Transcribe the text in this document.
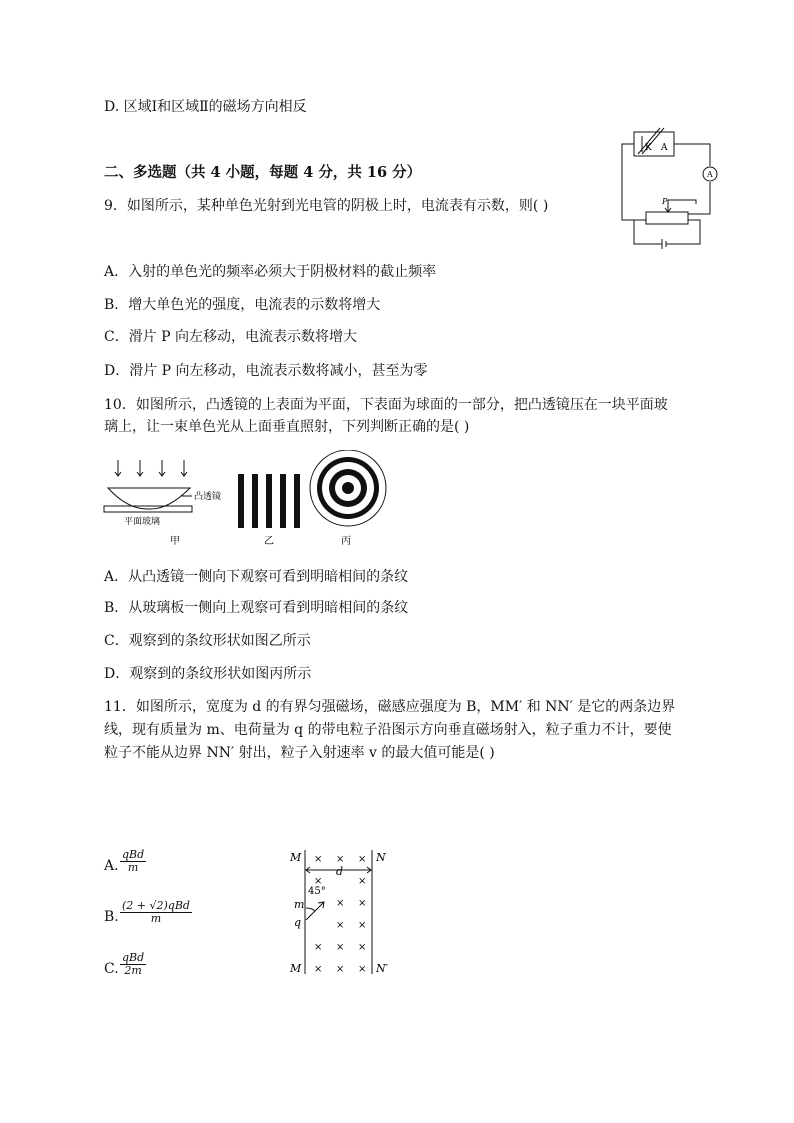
D. 区域Ⅰ和区域Ⅱ的磁场方向相反
二、多选题（共 4 小题，每题 4 分，共 16 分）
9．如图所示，某种单色光射到光电管的阴极上时，电流表有示数，则( )
A．入射的单色光的频率必须大于阴极材料的截止频率
B．增大单色光的强度，电流表的示数将增大
C．滑片 P 向左移动，电流表示数将增大
D．滑片 P 向左移动，电流表示数将减小，甚至为零
K A
A
P
10．如图所示，凸透镜的上表面为平面，下表面为球面的一部分，把凸透镜压在一块平面玻
璃上，让一束单色光从上面垂直照射，下列判断正确的是( )
凸透镜
平面玻璃
甲	乙	丙
A．从凸透镜一侧向下观察可看到明暗相间的条纹
B．从玻璃板一侧向上观察可看到明暗相间的条纹
C．观察到的条纹形状如图乙所示
D．观察到的条纹形状如图丙所示
11．如图所示，宽度为 d 的有界匀强磁场，磁感应强度为 B，MM′ 和 NN′ 是它的两条边界
线，现有质量为 m、电荷量为 q 的带电粒子沿图示方向垂直磁场射入，粒子重力不计，要使
粒子不能从边界 NN′ 射出，粒子入射速率 v 的最大值可能是( )
A.
qBd
m
B.
(2 + √2)qBd
m
C.
qBd
2m
M	N
M	N′
d
45°
m
q
× × ×
×	×
× ×
× ×
× × ×
× × ×
